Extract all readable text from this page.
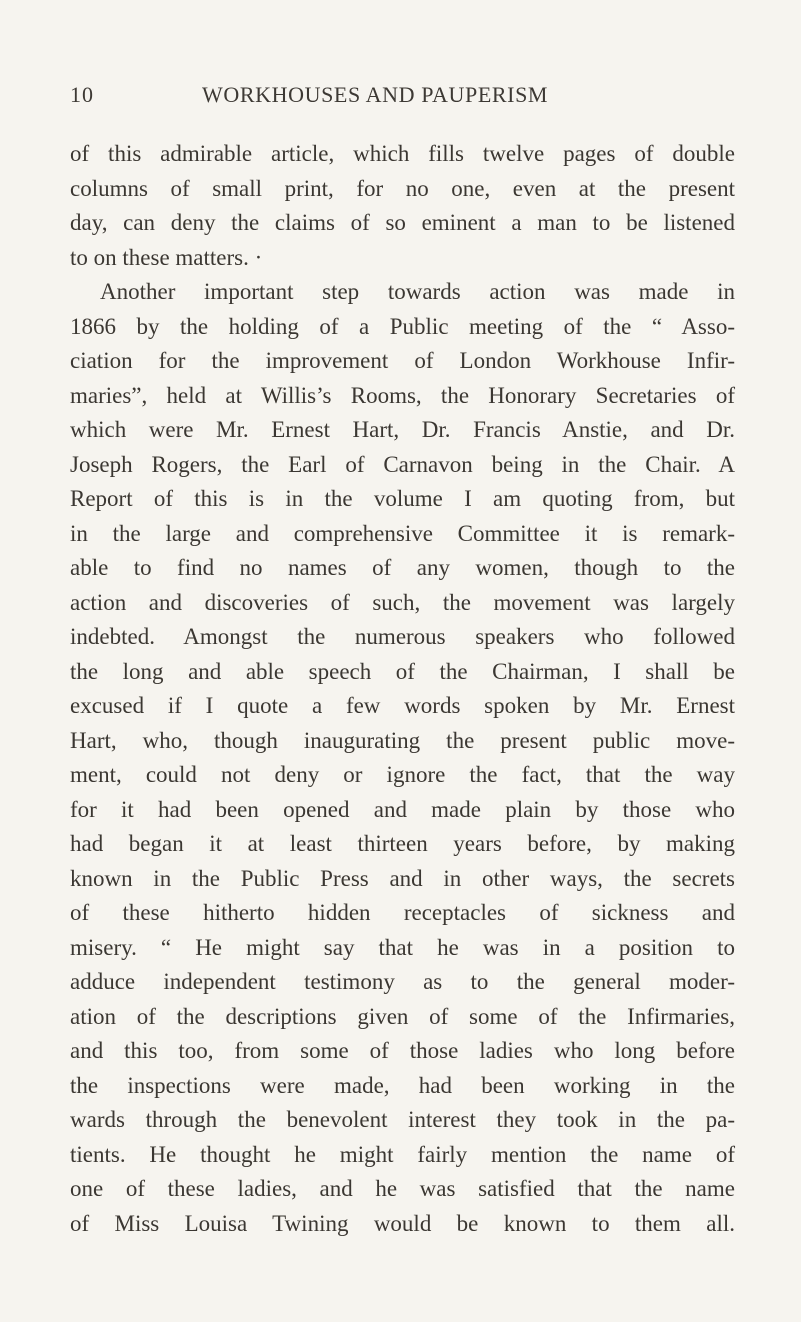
10	WORKHOUSES AND PAUPERISM
of this admirable article, which fills twelve pages of double
columns of small print, for no one, even at the present
day, can deny the claims of so eminent a man to be listened
to on these matters. ·
Another important step towards action was made in
1866 by the holding of a Public meeting of the “ Asso-
ciation for the improvement of London Workhouse Infir-
maries”, held at Willis’s Rooms, the Honorary Secretaries of
which were Mr. Ernest Hart, Dr. Francis Anstie, and Dr.
Joseph Rogers, the Earl of Carnavon being in the Chair. A
Report of this is in the volume I am quoting from, but
in the large and comprehensive Committee it is remark-
able to find no names of any women, though to the
action and discoveries of such, the movement was largely
indebted. Amongst the numerous speakers who followed
the long and able speech of the Chairman, I shall be
excused if I quote a few words spoken by Mr. Ernest
Hart, who, though inaugurating the present public move-
ment, could not deny or ignore the fact, that the way
for it had been opened and made plain by those who
had began it at least thirteen years before, by making
known in the Public Press and in other ways, the secrets
of these hitherto hidden receptacles of sickness and
misery. “ He might say that he was in a position to
adduce independent testimony as to the general moder-
ation of the descriptions given of some of the Infirmaries,
and this too, from some of those ladies who long before
the inspections were made, had been working in the
wards through the benevolent interest they took in the pa-
tients. He thought he might fairly mention the name of
one of these ladies, and he was satisfied that the name
of Miss Louisa Twining would be known to them all.
